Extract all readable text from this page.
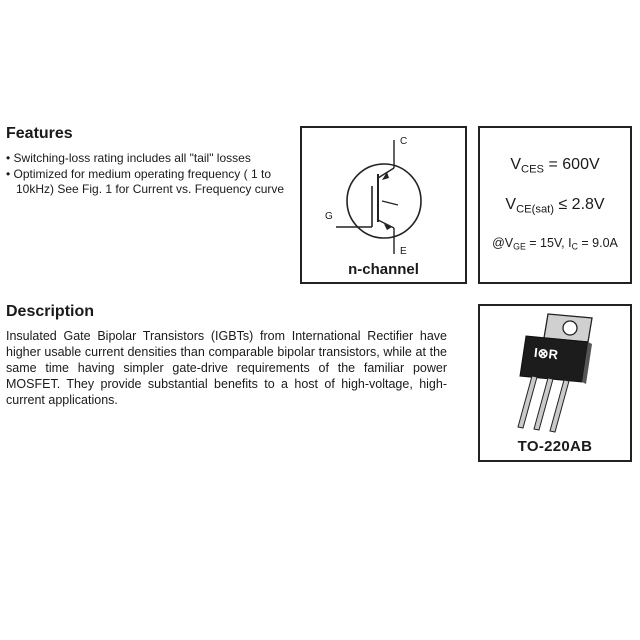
Features
• Switching-loss rating includes all "tail" losses
• Optimized for medium operating frequency ( 1 to 10kHz) See Fig. 1 for Current vs. Frequency curve
C
G
E
n-channel
$V_{CES} = 600V$
$V_{CE(sat)} \le 2.8V$
$@V_{GE} = 15V$, $I_C = 9.0A$
Description
Insulated Gate Bipolar Transistors (IGBTs) from International Rectifier have higher usable current densities than comparable bipolar transistors, while at the same time having simpler gate-drive requirements of the familiar power MOSFET. They provide substantial benefits to a host of high-voltage, high-current applications.
I⊗R
TO-220AB
